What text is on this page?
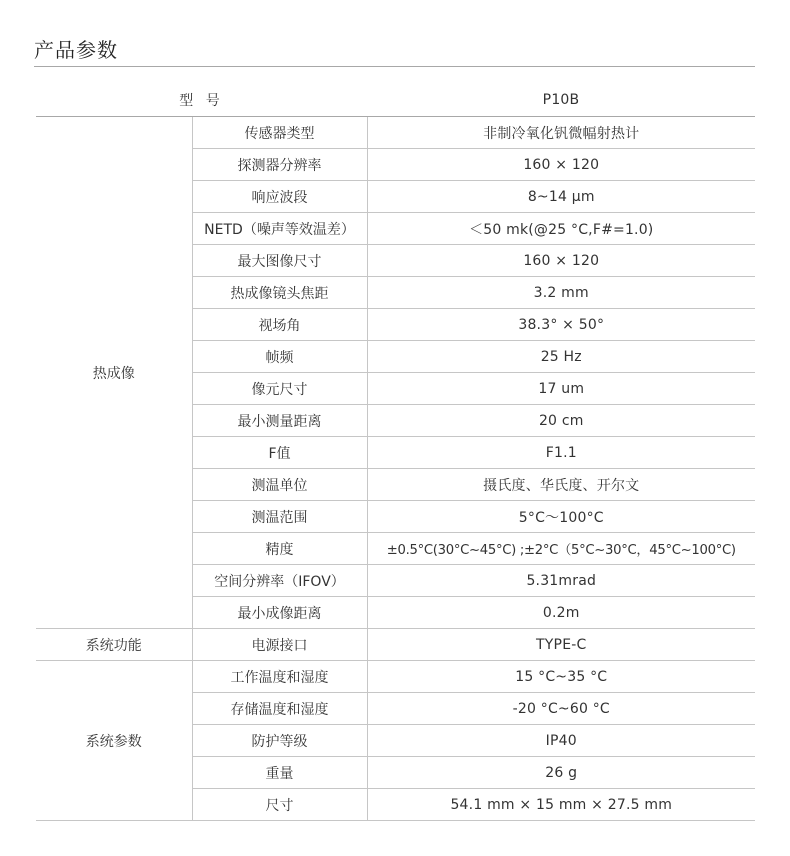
产品参数
型 号		P10B
热成像	传感器类型	非制冷氧化钒微幅射热计
	探测器分辨率	160 × 120
	响应波段	8~14 μm
	NETD（噪声等效温差）	＜50 mk(@25 °C,F#=1.0)
	最大图像尺寸	160 × 120
	热成像镜头焦距	3.2 mm
	视场角	38.3° × 50°
	帧频	25 Hz
	像元尺寸	17 um
	最小测量距离	20 cm
	F值	F1.1
	测温单位	摄氏度、华氏度、开尔文
	测温范围	5°C～100°C
	精度	±0.5°C(30°C~45°C) ;±2°C（5°C~30°C，45°C~100°C)
	空间分辨率（IFOV）	5.31mrad
	最小成像距离	0.2m
系统功能	电源接口	TYPE-C
系统参数	工作温度和湿度	15 °C~35 °C
	存储温度和湿度	-20 °C~60 °C
	防护等级	IP40
	重量	26 g
	尺寸	54.1 mm × 15 mm × 27.5 mm
